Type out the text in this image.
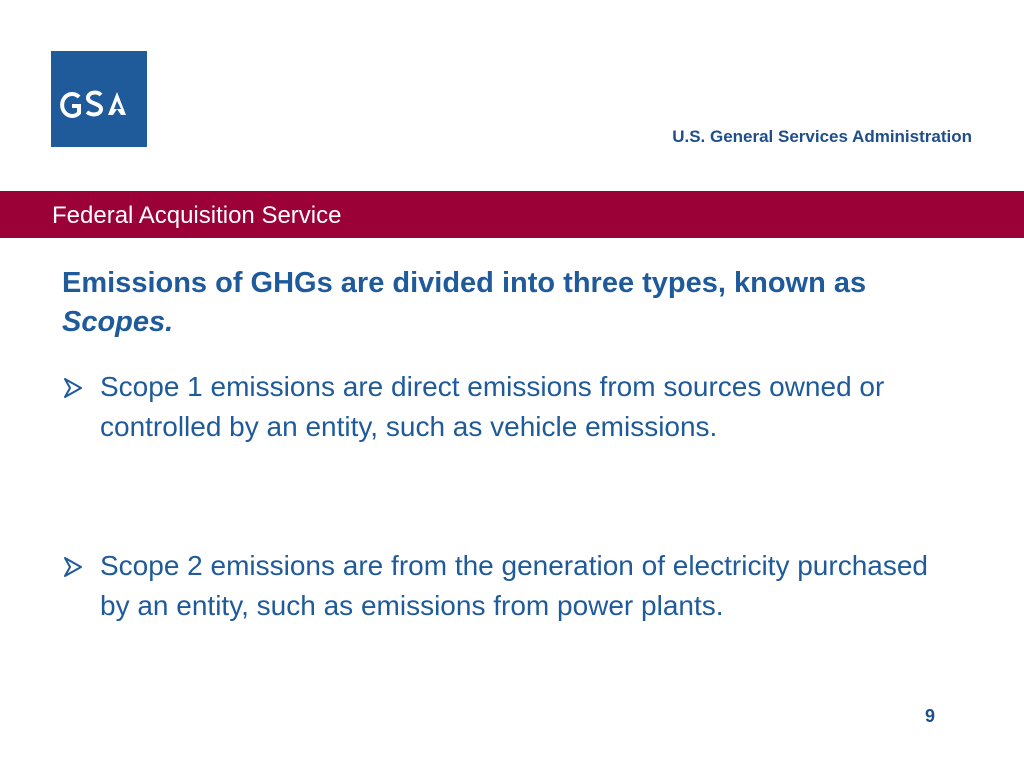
U.S. General Services Administration
Federal Acquisition Service
Emissions of GHGs are divided into three types, known as Scopes.
Scope 1 emissions are direct emissions from sources owned or controlled by an entity, such as vehicle emissions.
Scope 2 emissions are from the generation of electricity purchased by an entity, such as emissions from power plants.
9
